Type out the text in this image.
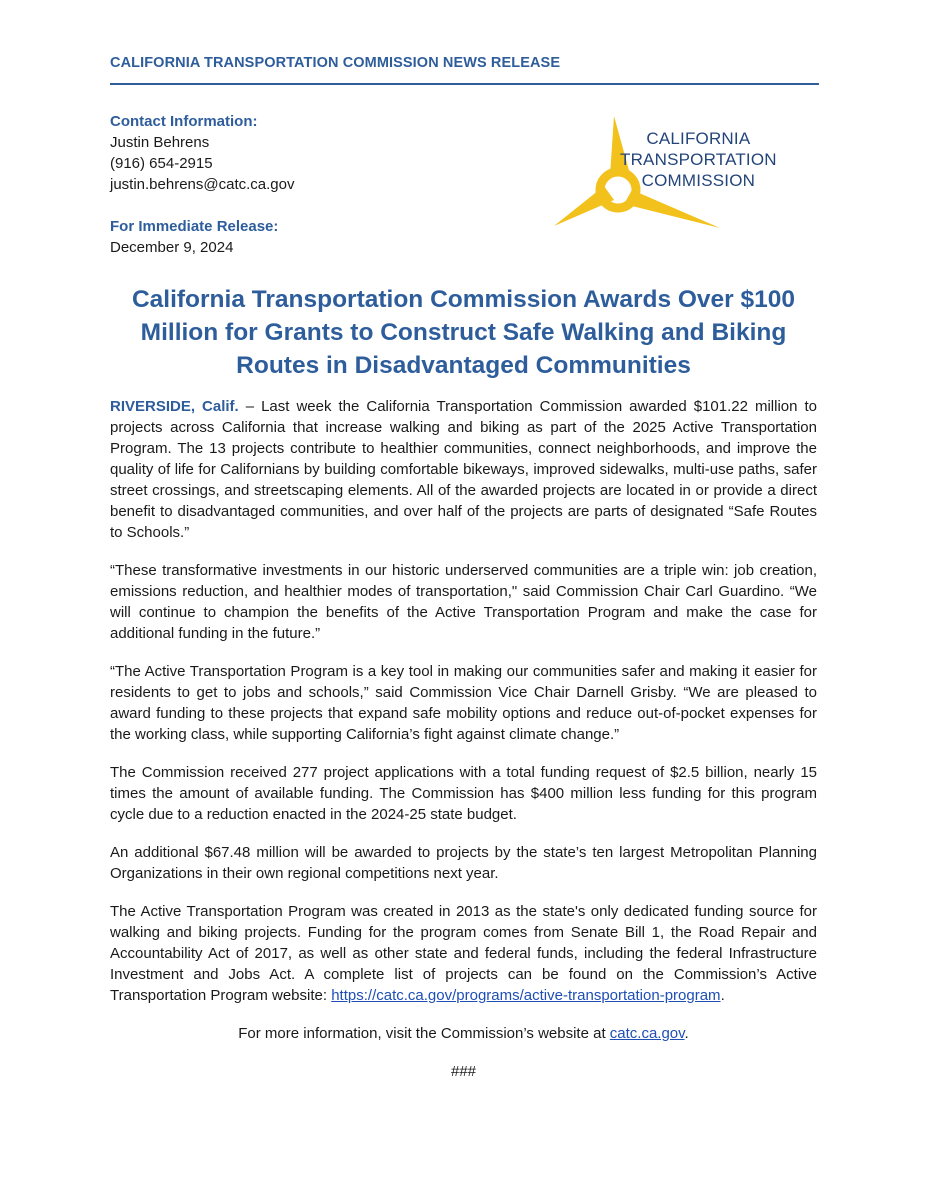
CALIFORNIA TRANSPORTATION COMMISSION NEWS RELEASE
Contact Information:
Justin Behrens
(916) 654-2915
justin.behrens@catc.ca.gov
For Immediate Release:
December 9, 2024
CALIFORNIA
TRANSPORTATION
COMMISSION
California Transportation Commission Awards Over $100
Million for Grants to Construct Safe Walking and Biking
Routes in Disadvantaged Communities

RIVERSIDE, Calif. – Last week the California Transportation Commission awarded $101.22 million to projects across California that increase walking and biking as part of the 2025 Active Transportation Program. The 13 projects contribute to healthier communities, connect neighborhoods, and improve the quality of life for Californians by building comfortable bikeways, improved sidewalks, multi-use paths, safer street crossings, and streetscaping elements. All of the awarded projects are located in or provide a direct benefit to disadvantaged communities, and over half of the projects are parts of designated “Safe Routes to Schools.”

“These transformative investments in our historic underserved communities are a triple win: job creation, emissions reduction, and healthier modes of transportation," said Commission Chair Carl Guardino. “We will continue to champion the benefits of the Active Transportation Program and make the case for additional funding in the future.”

“The Active Transportation Program is a key tool in making our communities safer and making it easier for residents to get to jobs and schools,” said Commission Vice Chair Darnell Grisby. “We are pleased to award funding to these projects that expand safe mobility options and reduce out-of-pocket expenses for the working class, while supporting California’s fight against climate change.”

The Commission received 277 project applications with a total funding request of $2.5 billion, nearly 15 times the amount of available funding. The Commission has $400 million less funding for this program cycle due to a reduction enacted in the 2024-25 state budget.

An additional $67.48 million will be awarded to projects by the state’s ten largest Metropolitan Planning Organizations in their own regional competitions next year.

The Active Transportation Program was created in 2013 as the state's only dedicated funding source for walking and biking projects. Funding for the program comes from Senate Bill 1, the Road Repair and Accountability Act of 2017, as well as other state and federal funds, including the federal Infrastructure Investment and Jobs Act. A complete list of projects can be found on the Commission’s Active Transportation Program website: https://catc.ca.gov/programs/active-transportation-program.

For more information, visit the Commission’s website at catc.ca.gov.

###
